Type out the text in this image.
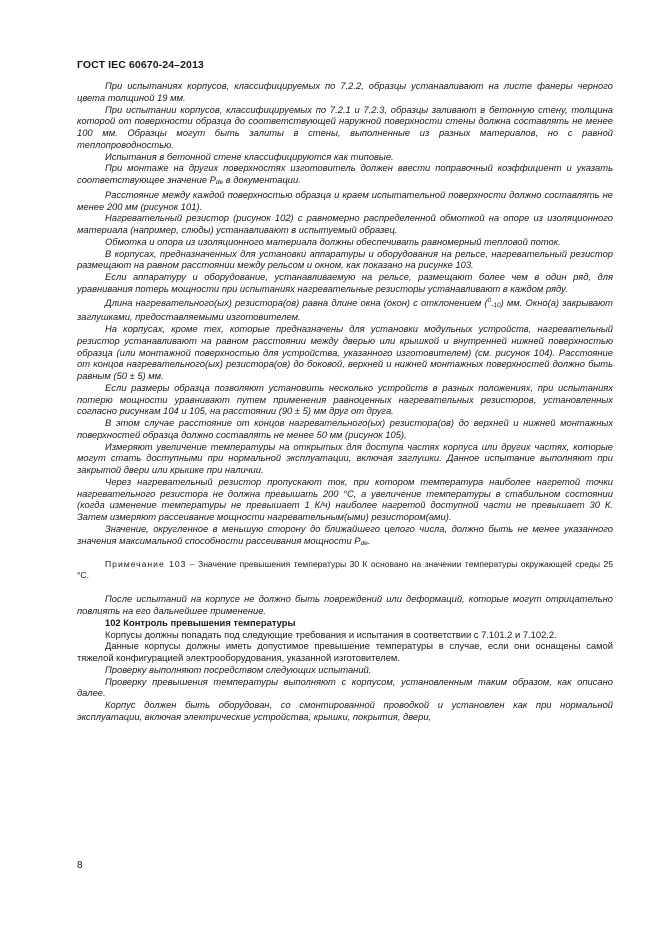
ГОСТ IEC 60670-24–2013

При испытаниях корпусов, классифицируемых по 7.2.2, образцы устанавливают на листе фанеры черного цвета толщиной 19 мм.

При испытании корпусов, классифицируемых по 7.2.1 и 7.2.3, образцы заливают в бетонную стену, толщина которой от поверхности образца до соответствующей наружной поверхности стены должна составлять не менее 100 мм. Образцы могут быть залиты в стены, выполненные из разных материалов, но с равной теплопроводностью.

Испытания в бетонной стене классифицируются как типовые.

При монтаже на других поверхностях изготовитель должен ввести поправочный коэффициент и указать соответствующее значение $P_{de}$ в документации.

Расстояние между каждой поверхностью образца и краем испытательной поверхности должно составлять не менее 200 мм (рисунок 101).

Нагревательный резистор (рисунок 102) с равномерно распределенной обмоткой на опоре из изоляционного материала (например, слюды) устанавливают в испытуемый образец.

Обмотка и опора из изоляционного материала должны обеспечивать равномерный тепловой поток.

В корпусах, предназначенных для установки аппаратуры и оборудования на рельсе, нагревательный резистор размещают на равном расстоянии между рельсом и окном, как показано на рисунке 103.

Если аппаратуру и оборудование, устанавливаемую на рельсе, размещают более чем в один ряд, для уравнивания потерь мощности при испытаниях нагревательные резисторы устанавливают в каждом ряду.

Длина нагревательного(ых) резистора(ов) равна длине окна (окон) с отклонением ($^0_{-10}$) мм. Окно(а) закрывают заглушками, предоставляемыми изготовителем.

На корпусах, кроме тех, которые предназначены для установки модульных устройств, нагревательный резистор устанавливают на равном расстоянии между дверью или крышкой и внутренней нижней поверхностью образца (или монтажной поверхностью для устройства, указанного изготовителем) (см. рисунок 104). Расстояние от концов нагревательного(ых) резистора(ов) до боковой, верхней и нижней монтажных поверхностей должно быть равным (50 ± 5) мм.

Если размеры образца позволяют установить несколько устройств в разных положениях, при испытаниях потерю мощности уравнивают путем применения равноценных нагревательных резисторов, установленных согласно рисункам 104 и 105, на расстоянии (90 ± 5) мм друг от друга.

В этом случае расстояние от концов нагревательного(ых) резистора(ов) до верхней и нижней монтажных поверхностей образца должно составлять не менее 50 мм (рисунок 105).

Измеряют увеличение температуры на открытых для доступа частях корпуса или других частях, которые могут стать доступными при нормальной эксплуатации, включая заглушки. Данное испытание выполняют при закрытой двери или крышке при наличии.

Через нагревательный резистор пропускают ток, при котором температура наиболее нагретой точки нагревательного резистора не должна превышать 200 °С, а увеличение температуры в стабильном состоянии (когда изменение температуры не превышает 1 К/ч) наиболее нагретой доступной части не превышает 30 К. Затем измеряют рассеивание мощности нагревательным(ыми) резистором(ами).

Значение, округленное в меньшую сторону до ближайшего целого числа, должно быть не менее указанного значения максимальной способности рассеивания мощности $P_{de}$.

Примечание 103 – Значение превышения температуры 30 К основано на значении температуры окружающей среды 25 °С.

После испытаний на корпусе не должно быть повреждений или деформаций, которые могут отрицательно повлиять на его дальнейшее применение.

102 Контроль превышения температуры

Корпусы должны попадать под следующие требования и испытания в соответствии с 7.101.2 и 7.102.2.

Данные корпусы должны иметь допустимое превышение температуры в случае, если они оснащены самой тяжелой конфигурацией электрооборудования, указанной изготовителем.

Проверку выполняют посредством следующих испытаний.

Проверку превышения температуры выполняют с корпусом, установленным таким образом, как описано далее.

Корпус должен быть оборудован, со смонтированной проводкой и установлен как при нормальной эксплуатации, включая электрические устройства, крышки, покрытия, двери,

8
